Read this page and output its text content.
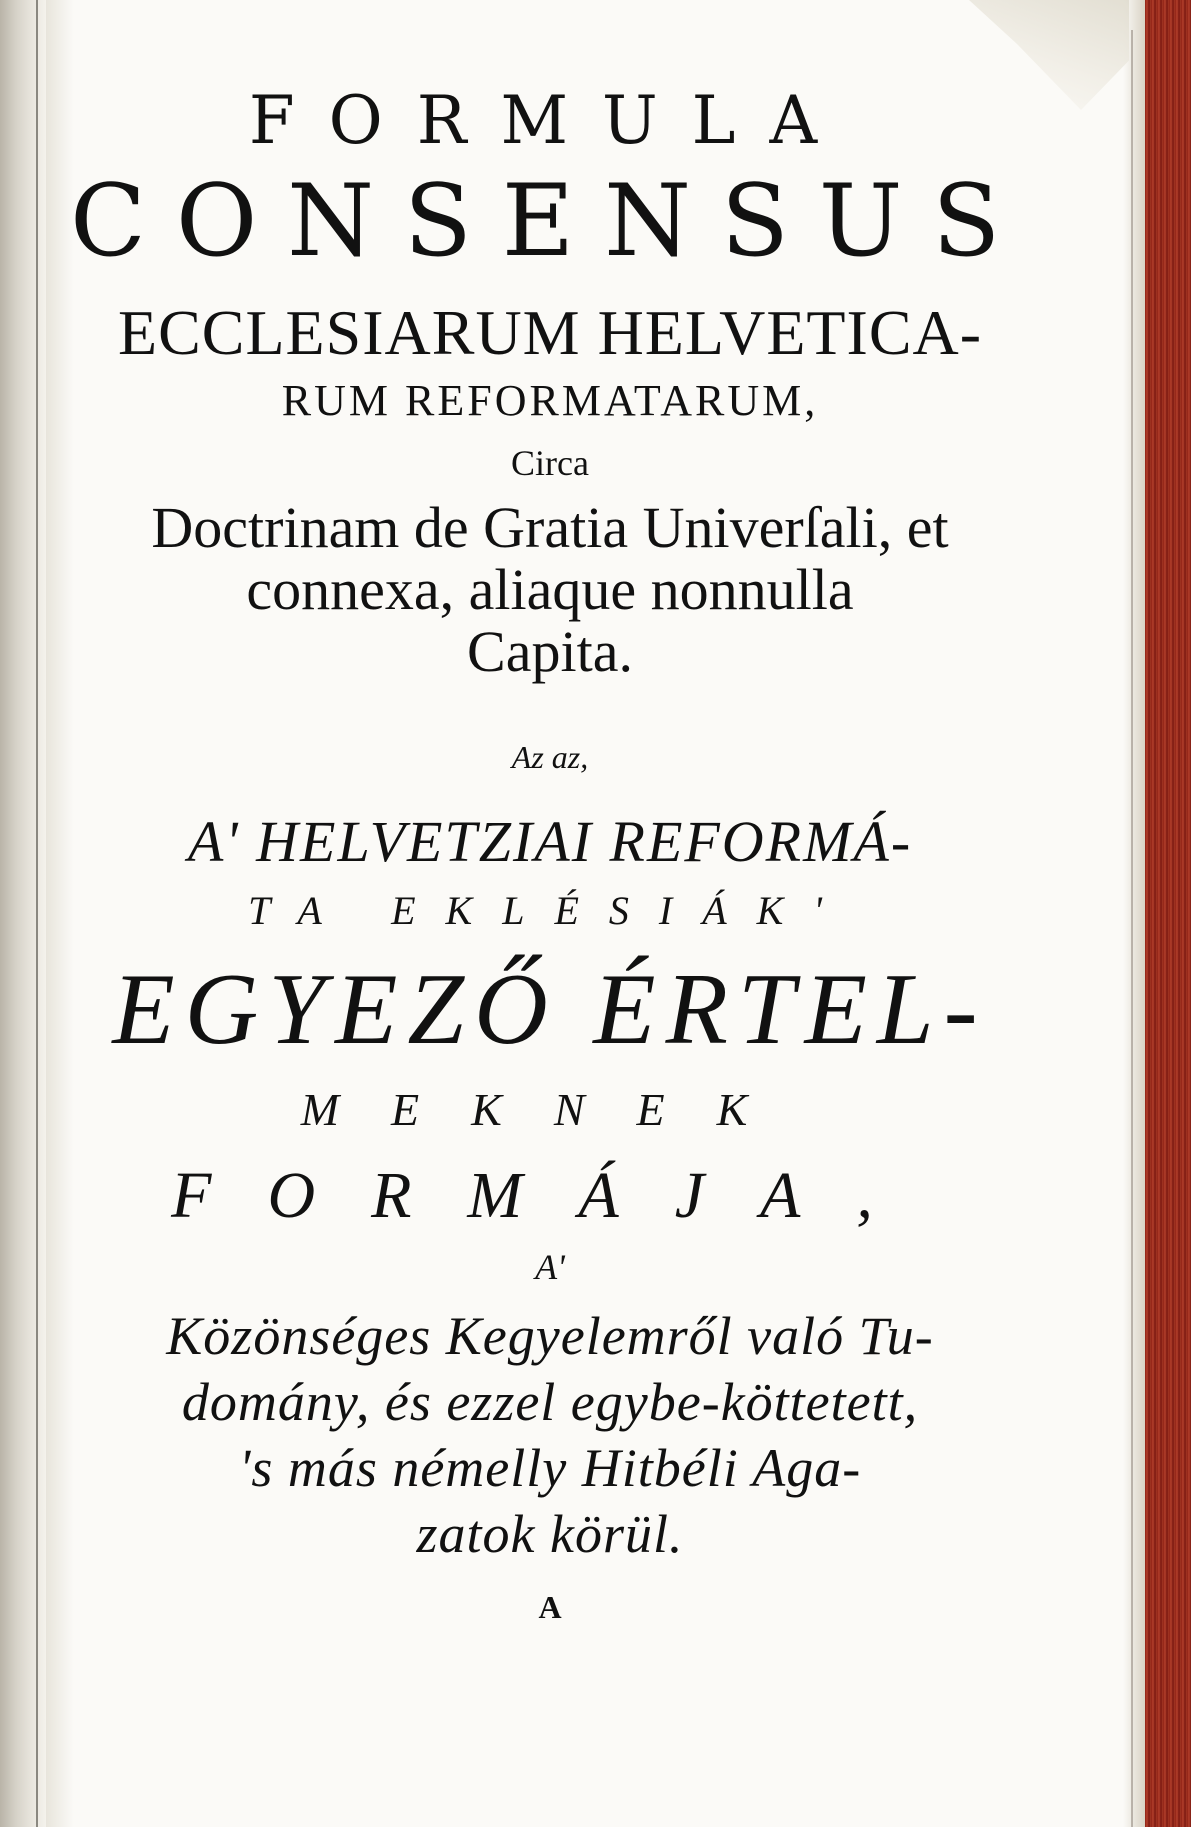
FORMULA
CONSENSUS
ECCLESIARUM HELVETICA-
RUM REFORMATARUM,
Circa
Doctrinam de Gratia Univerſali, et
connexa, aliaque nonnulla
Capita.
Az az,
A' HELVETZIAI REFORMÁ-
TA EKLÉSIÁK'
EGYEZŐ ÉRTEL-
MEKNEK
FORMÁJA,
A'
Közönséges Kegyelemről való Tu-
domány, és ezzel egybe-köttetett,
's más némelly Hitbéli Aga-
zatok körül.
A
